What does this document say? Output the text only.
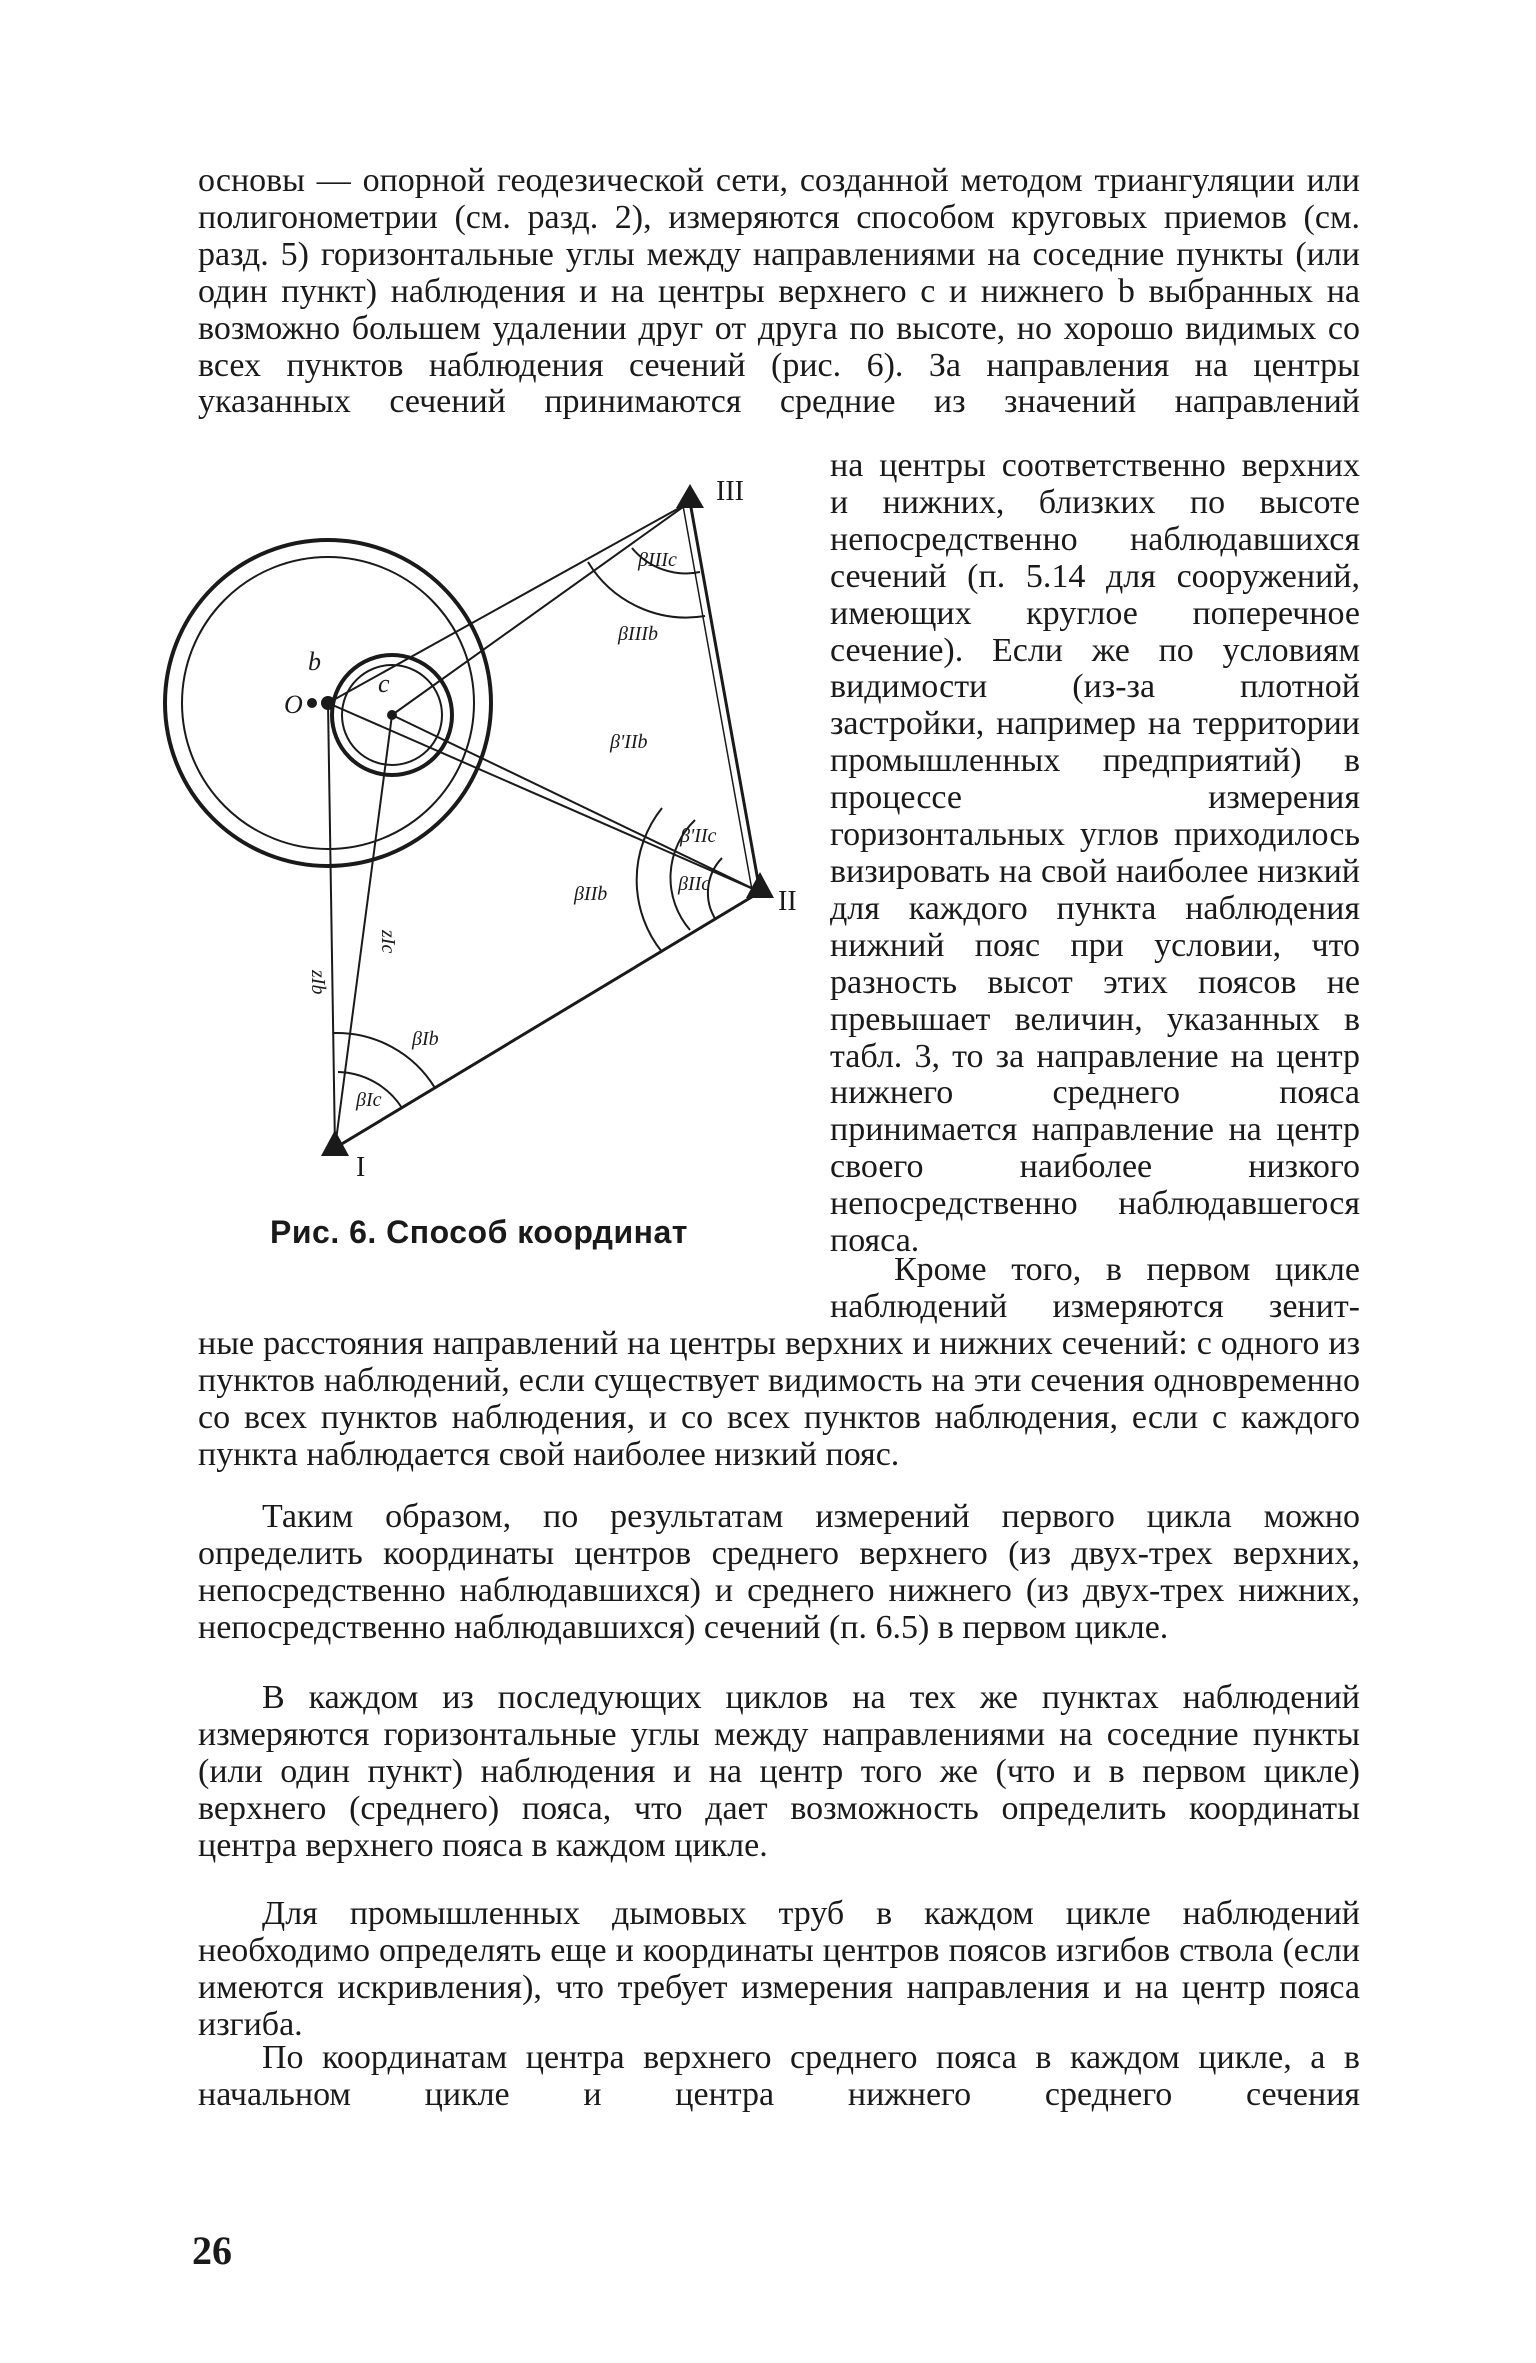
основы — опорной геодезической сети, созданной методом триангуляции или полигонометрии (см. разд. 2), измеряются способом круговых приемов (см. разд. 5) горизонтальные углы между направлениями на соседние пункты (или один пункт) наблюдения и на центры верхнего c и нижнего b выбранных на возможно большем удалении друг от друга по высоте, но хорошо видимых со всех пунктов наблюдения сечений (рис. 6). За направления на центры указанных сечений принимаются средние из значений направлений

O
b
c
III
II
I
βIIIc
βIIIb
β'IIb
β'IIc
βIIc
βIIb
βIb
βIc
zIb
zIc

на центры соответственно верхних и нижних, близких по высоте непосредственно наблюдавшихся сечений (п. 5.14 для сооружений, имеющих круглое поперечное сечение). Если же по условиям видимости (из-за плотной застройки, например на территории промышленных предприятий) в процессе измерения горизонтальных углов приходилось визировать на свой наиболее низкий для каждого пункта наблюдения нижний пояс при условии, что разность высот этих поясов не превышает величин, указанных в табл. 3, то за направление на центр нижнего среднего пояса принимается направление на центр своего наиболее низкого непосредственно наблюдавшегося пояса.

Рис. 6. Способ координат

Кроме того, в первом цикле наблюдений измеряются зенит-

ные расстояния направлений на центры верхних и нижних сечений: с одного из пунктов наблюдений, если существует видимость на эти сечения одновременно со всех пунктов наблюдения, и со всех пунктов наблюдения, если с каждого пункта наблюдается свой наиболее низкий пояс.

Таким образом, по результатам измерений первого цикла можно определить координаты центров среднего верхнего (из двух-трех верхних, непосредственно наблюдавшихся) и среднего нижнего (из двух-трех нижних, непосредственно наблюдавшихся) сечений (п. 6.5) в первом цикле.

В каждом из последующих циклов на тех же пунктах наблюдений измеряются горизонтальные углы между направлениями на соседние пункты (или один пункт) наблюдения и на центр того же (что и в первом цикле) верхнего (среднего) пояса, что дает возможность определить координаты центра верхнего пояса в каждом цикле.

Для промышленных дымовых труб в каждом цикле наблюдений необходимо определять еще и координаты центров поясов изгибов ствола (если имеются искривления), что требует измерения направления и на центр пояса изгиба.

По координатам центра верхнего среднего пояса в каждом цикле, а в начальном цикле и центра нижнего среднего сечения

26
